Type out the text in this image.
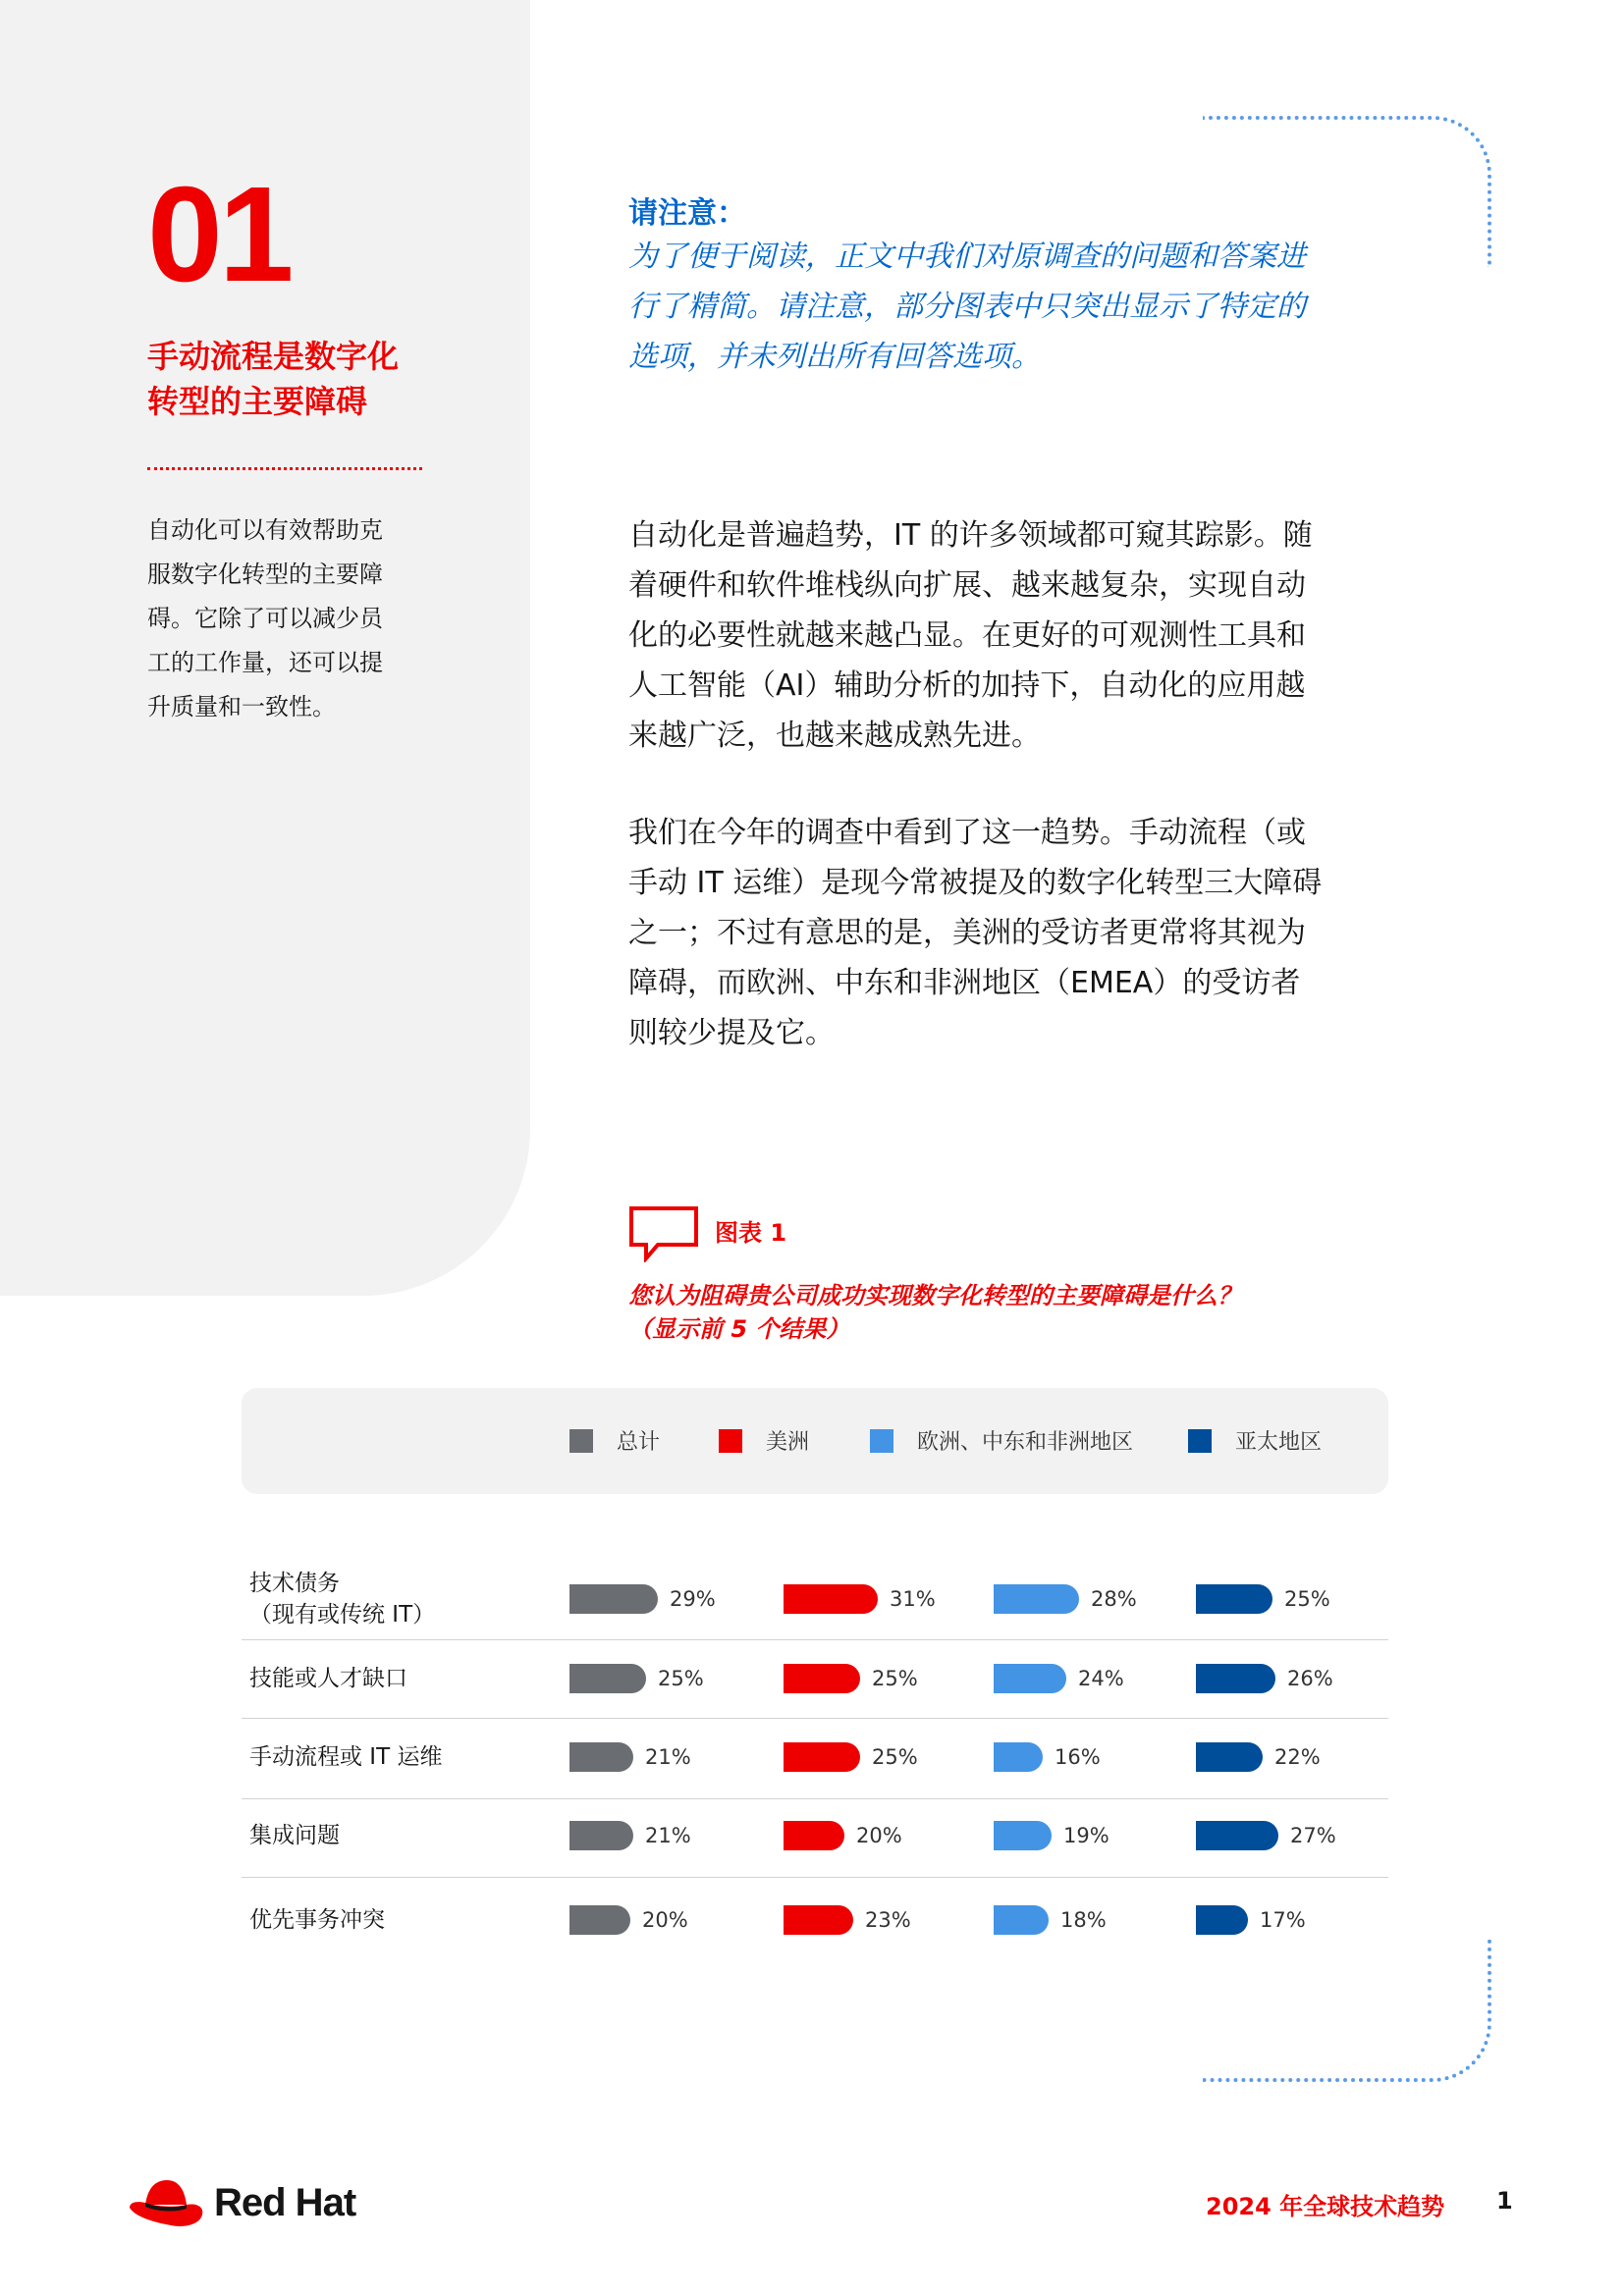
01
手动流程是数字化
转型的主要障碍
自动化可以有效帮助克
服数字化转型的主要障
碍。它除了可以减少员
工的工作量，还可以提
升质量和一致性。
请注意：
为了便于阅读，正文中我们对原调查的问题和答案进
行了精简。请注意，部分图表中只突出显示了特定的
选项，并未列出所有回答选项。
自动化是普遍趋势，IT 的许多领域都可窥其踪影。随
着硬件和软件堆栈纵向扩展、越来越复杂，实现自动
化的必要性就越来越凸显。在更好的可观测性工具和
人工智能（AI）辅助分析的加持下，自动化的应用越
来越广泛，也越来越成熟先进。
我们在今年的调查中看到了这一趋势。手动流程（或
手动 IT 运维）是现今常被提及的数字化转型三大障碍
之一；不过有意思的是，美洲的受访者更常将其视为
障碍，而欧洲、中东和非洲地区（EMEA）的受访者
则较少提及它。
图表 1
您认为阻碍贵公司成功实现数字化转型的主要障碍是什么？
（显示前 5 个结果）
总计	美洲	欧洲、中东和非洲地区	亚太地区
技术债务
（现有或传统 IT）
29%	31%	28%	25%
技能或人才缺口	25%	25%	24%	26%
手动流程或 IT 运维	21%	25%	16%	22%
集成问题	21%	20%	19%	27%
优先事务冲突	20%	23%	18%	17%
Red Hat	2024 年全球技术趋势 1
